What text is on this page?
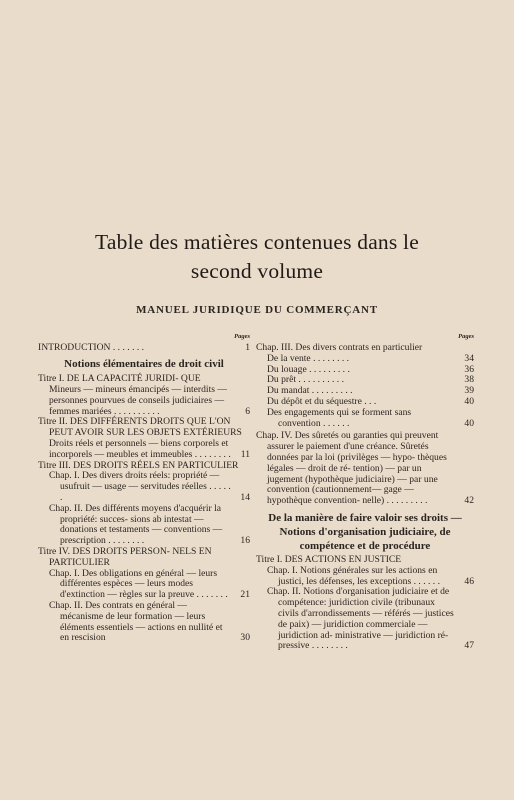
Table des matières contenues dans le
second volume
MANUEL JURIDIQUE DU COMMERÇANT
Pages
INTRODUCTION . . . . . . .	1
Notions élémentaires de droit civil
Titre I. DE LA CAPACITÉ JURIDI- QUE
Mineurs — mineurs émancipés — interdits — personnes pourvues de conseils judiciaires — femmes mariées . . . . . . . . . .	6
Titre II. DES DIFFÉRENTS DROITS QUE L'ON PEUT AVOIR SUR LES OBJETS EXTÉRIEURS
Droits réels et personnels — biens corporels et incorporels — meubles et immeubles . . . . . . . .	11
Titre III. DES DROITS RÉELS EN PARTICULIER
Chap. I. Des divers droits réels: propriété — usufruit — usage — servitudes réelles . . . . . .	14
Chap. II. Des différents moyens d'acquérir la propriété: succes- sions ab intestat — donations et testaments — conventions — prescription . . . . . . . .	16
Titre IV. DES DROITS PERSON- NELS EN PARTICULIER
Chap. I. Des obligations en général — leurs différentes espèces — leurs modes d'extinction — règles sur la preuve . . . . . . .	21
Chap. II. Des contrats en général — mécanisme de leur formation — leurs éléments essentiels — actions en nullité et en rescision	30
Pages
Chap. III. Des divers contrats en particulier
De la vente . . . . . . . .	34
Du louage . . . . . . . . .	36
Du prêt . . . . . . . . . .	38
Du mandat . . . . . . . . .	39
Du dépôt et du séquestre . . .	40
Des engagements qui se forment sans convention . . . . . .	40
Chap. IV. Des sûretés ou garanties qui preuvent assurer le paiement d'une créance. Sûretés données par la loi (privilèges — hypo- thèques légales — droit de ré- tention) — par un jugement (hypothèque judiciaire) — par une convention (cautionnement— gage — hypothèque convention- nelle) . . . . . . . . .	42
De la manière de faire valoir ses droits — Notions d'organisation judiciaire, de compétence et de procédure
Titre I. DES ACTIONS EN JUSTICE
Chap. I. Notions générales sur les actions en justici, les défenses, les exceptions . . . . . .	46
Chap. II. Notions d'organisation judiciaire et de compétence: juridiction civile (tribunaux civils d'arrondissements — référés — justices de paix) — juridiction commerciale — juridiction ad- ministrative — juridiction ré- pressive . . . . . . . .	47
